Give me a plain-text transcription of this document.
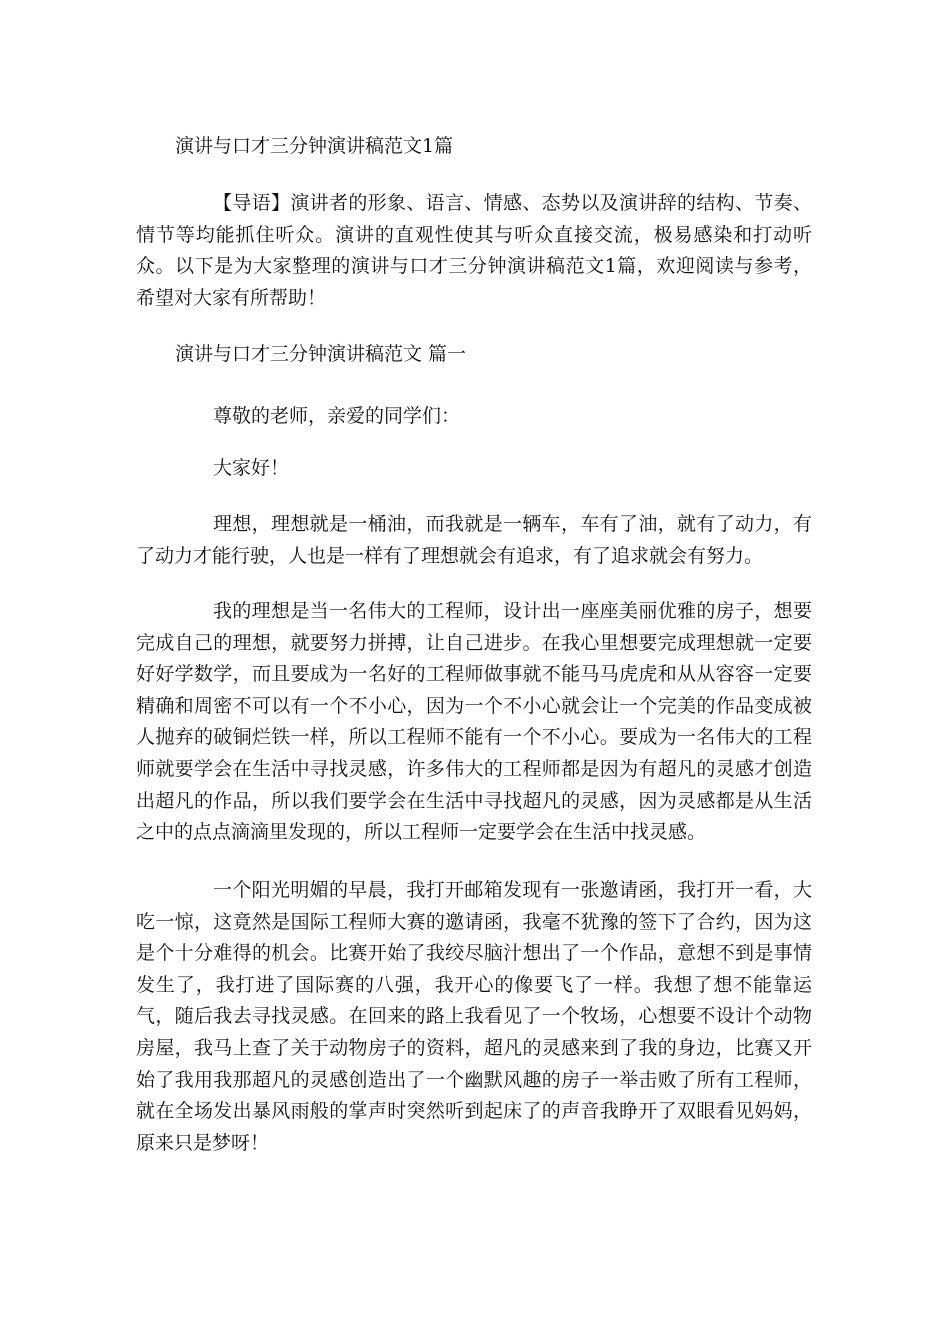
演讲与口才三分钟演讲稿范文1篇

【导语】演讲者的形象、语言、情感、态势以及演讲辞的结构、节奏、情节等均能抓住听众。演讲的直观性使其与听众直接交流，极易感染和打动听众。以下是为大家整理的演讲与口才三分钟演讲稿范文1篇，欢迎阅读与参考，希望对大家有所帮助！

演讲与口才三分钟演讲稿范文 篇一

尊敬的老师，亲爱的同学们：

大家好！

理想，理想就是一桶油，而我就是一辆车，车有了油，就有了动力，有了动力才能行驶，人也是一样有了理想就会有追求，有了追求就会有努力。

我的理想是当一名伟大的工程师，设计出一座座美丽优雅的房子，想要完成自己的理想，就要努力拼搏，让自己进步。在我心里想要完成理想就一定要好好学数学，而且要成为一名好的工程师做事就不能马马虎虎和从从容容一定要精确和周密不可以有一个不小心，因为一个不小心就会让一个完美的作品变成被人抛弃的破铜烂铁一样，所以工程师不能有一个不小心。要成为一名伟大的工程师就要学会在生活中寻找灵感，许多伟大的工程师都是因为有超凡的灵感才创造出超凡的作品，所以我们要学会在生活中寻找超凡的灵感，因为灵感都是从生活之中的点点滴滴里发现的，所以工程师一定要学会在生活中找灵感。

一个阳光明媚的早晨，我打开邮箱发现有一张邀请函，我打开一看，大吃一惊，这竟然是国际工程师大赛的邀请函，我毫不犹豫的签下了合约，因为这是个十分难得的机会。比赛开始了我绞尽脑汁想出了一个作品，意想不到是事情发生了，我打进了国际赛的八强，我开心的像要飞了一样。我想了想不能靠运气，随后我去寻找灵感。在回来的路上我看见了一个牧场，心想要不设计个动物房屋，我马上查了关于动物房子的资料，超凡的灵感来到了我的身边，比赛又开始了我用我那超凡的灵感创造出了一个幽默风趣的房子一举击败了所有工程师，就在全场发出暴风雨般的掌声时突然听到起床了的声音我睁开了双眼看见妈妈，原来只是梦呀！
